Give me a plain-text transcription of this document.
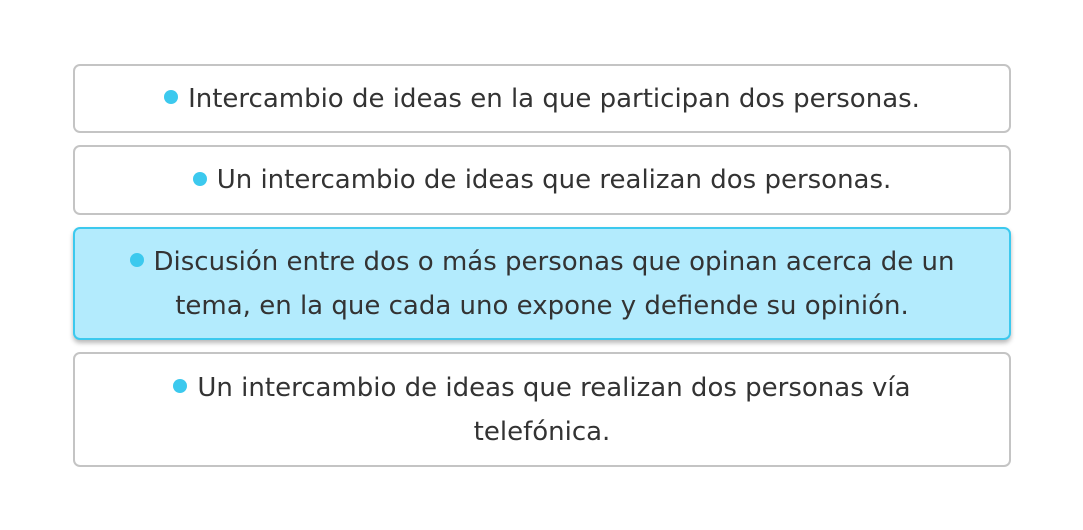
Intercambio de ideas en la que participan dos personas.
Un intercambio de ideas que realizan dos personas.
Discusión entre dos o más personas que opinan acerca de un tema, en la que cada uno expone y defiende su opinión.
Un intercambio de ideas que realizan dos personas vía telefónica.
